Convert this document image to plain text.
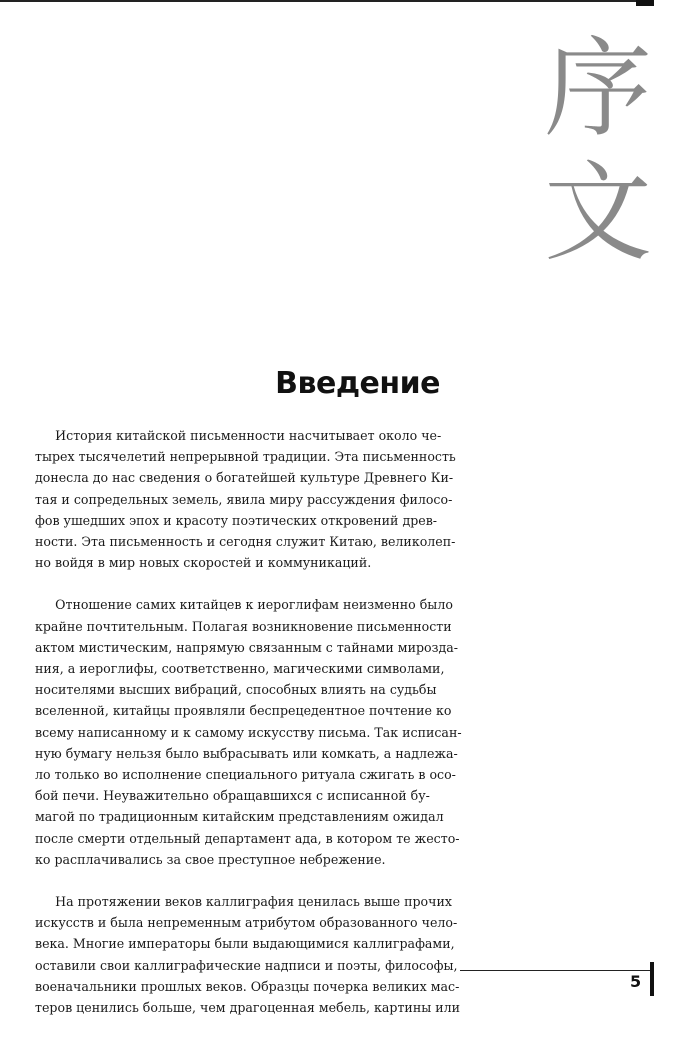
序
文
Введение

История китайской письменности насчитывает около че-
тырех тысячелетий непрерывной традиции. Эта письменность
донесла до нас сведения о богатейшей культуре Древнего Ки-
тая и сопредельных земель, явила миру рассуждения филосо-
фов ушедших эпох и красоту поэтических откровений древ-
ности. Эта письменность и сегодня служит Китаю, великолеп-
но войдя в мир новых скоростей и коммуникаций.

Отношение самих китайцев к иероглифам неизменно было
крайне почтительным. Полагая возникновение письменности
актом мистическим, напрямую связанным с тайнами мирозда-
ния, а иероглифы, соответственно, магическими символами,
носителями высших вибраций, способных влиять на судьбы
вселенной, китайцы проявляли беспрецедентное почтение ко
всему написанному и к самому искусству письма. Так исписан-
ную бумагу нельзя было выбрасывать или комкать, а надлежа-
ло только во исполнение специального ритуала сжигать в осо-
бой печи. Неуважительно обращавшихся с исписанной бу-
магой по традиционным китайским представлениям ожидал
после смерти отдельный департамент ада, в котором те жесто-
ко расплачивались за свое преступное небрежение.

На протяжении веков каллиграфия ценилась выше прочих
искусств и была непременным атрибутом образованного чело-
века. Многие императоры были выдающимися каллиграфами,
оставили свои каллиграфические надписи и поэты, философы,
военачальники прошлых веков. Образцы почерка великих мас-
теров ценились больше, чем драгоценная мебель, картины или

5
